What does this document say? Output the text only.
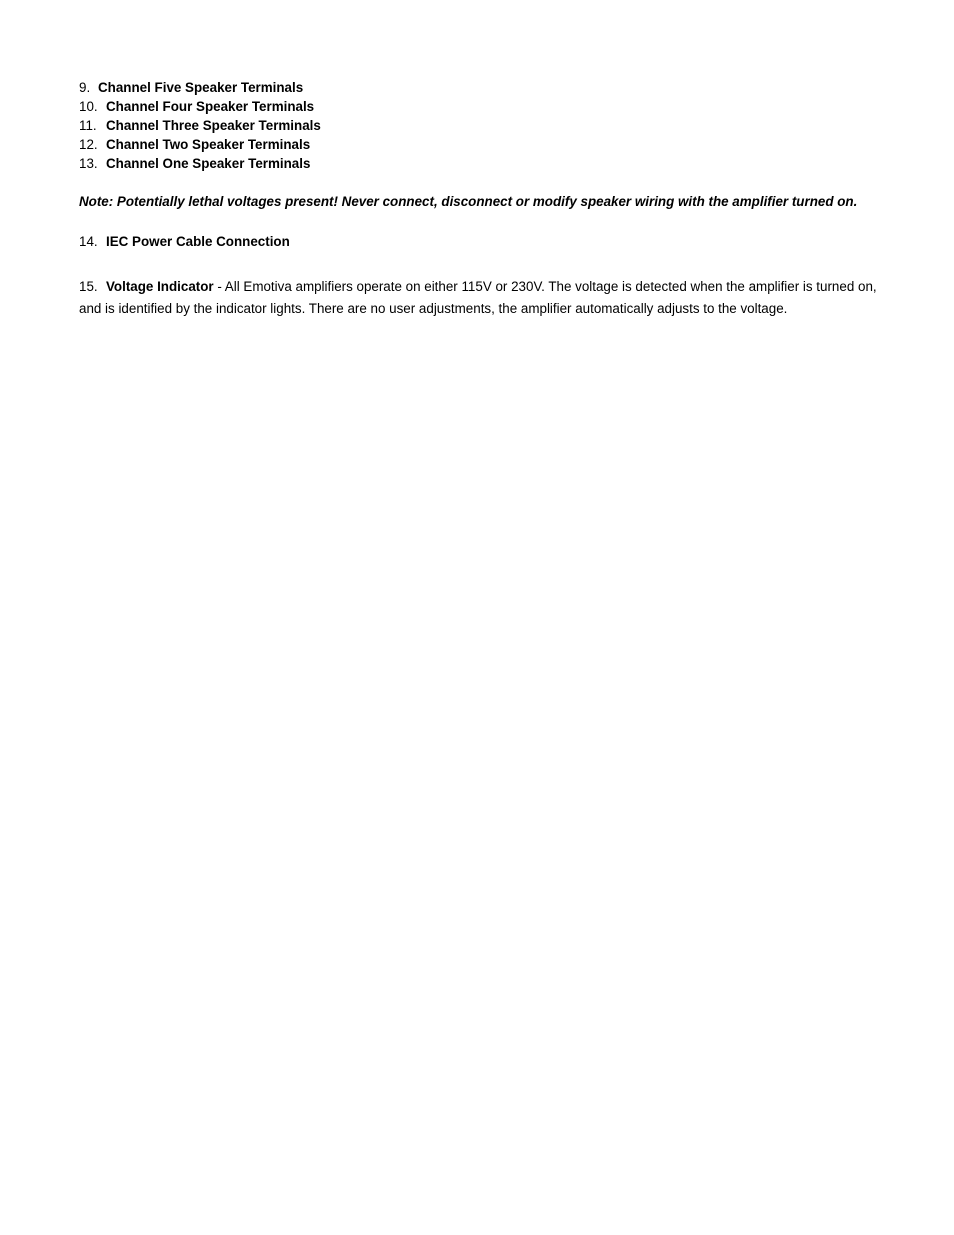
9. Channel Five Speaker Terminals
10. Channel Four Speaker Terminals
11. Channel Three Speaker Terminals
12. Channel Two Speaker Terminals
13. Channel One Speaker Terminals

Note: Potentially lethal voltages present! Never connect, disconnect or modify speaker wiring with the amplifier turned on.

14. IEC Power Cable Connection
15. Voltage Indicator - All Emotiva amplifiers operate on either 115V or 230V. The voltage is detected when the amplifier is turned on, and is identified by the indicator lights. There are no user adjustments, the amplifier automatically adjusts to the voltage.
